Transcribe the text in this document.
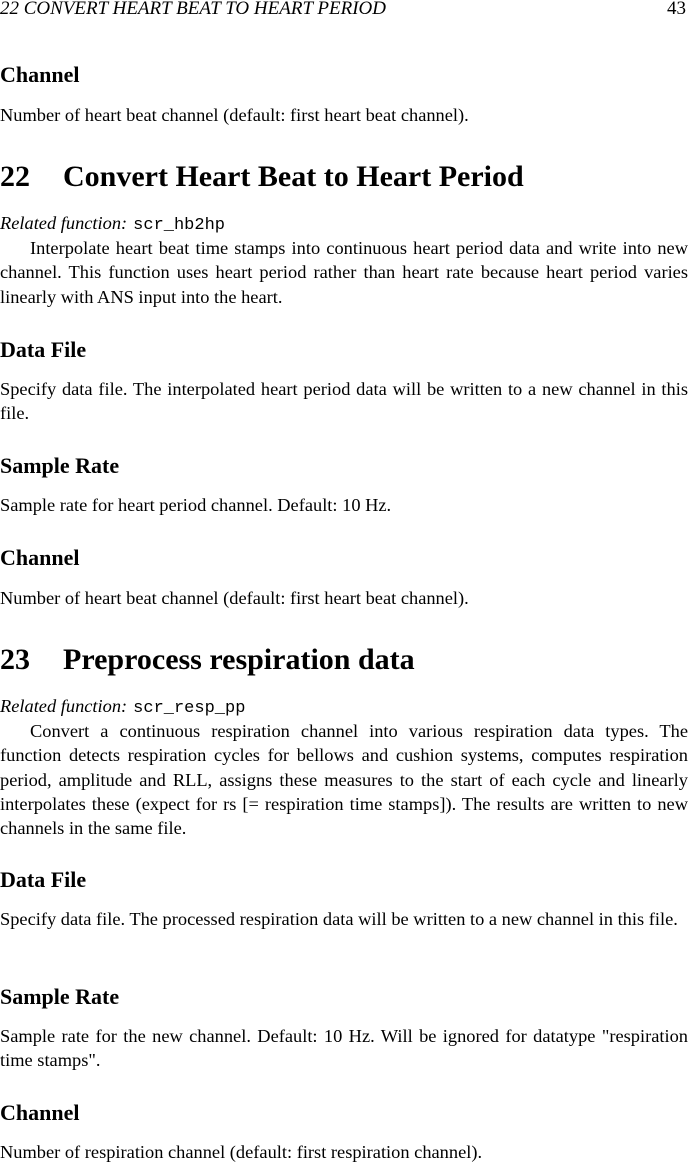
22 CONVERT HEART BEAT TO HEART PERIOD	43
Channel
Number of heart beat channel (default: first heart beat channel).
22 Convert Heart Beat to Heart Period
Related function: scr_hb2hp
Interpolate heart beat time stamps into continuous heart period data and write into new channel. This function uses heart period rather than heart rate because heart period varies linearly with ANS input into the heart.
Data File
Specify data file. The interpolated heart period data will be written to a new channel in this file.
Sample Rate
Sample rate for heart period channel. Default: 10 Hz.
Channel
Number of heart beat channel (default: first heart beat channel).
23 Preprocess respiration data
Related function: scr_resp_pp
Convert a continuous respiration channel into various respiration data types. The function detects respiration cycles for bellows and cushion systems, computes respiration period, amplitude and RLL, assigns these measures to the start of each cycle and linearly interpolates these (expect for rs [= respiration time stamps]). The results are written to new channels in the same file.
Data File
Specify data file. The processed respiration data will be written to a new channel in this file.
Sample Rate
Sample rate for the new channel. Default: 10 Hz. Will be ignored for datatype "respiration time stamps".
Channel
Number of respiration channel (default: first respiration channel).
